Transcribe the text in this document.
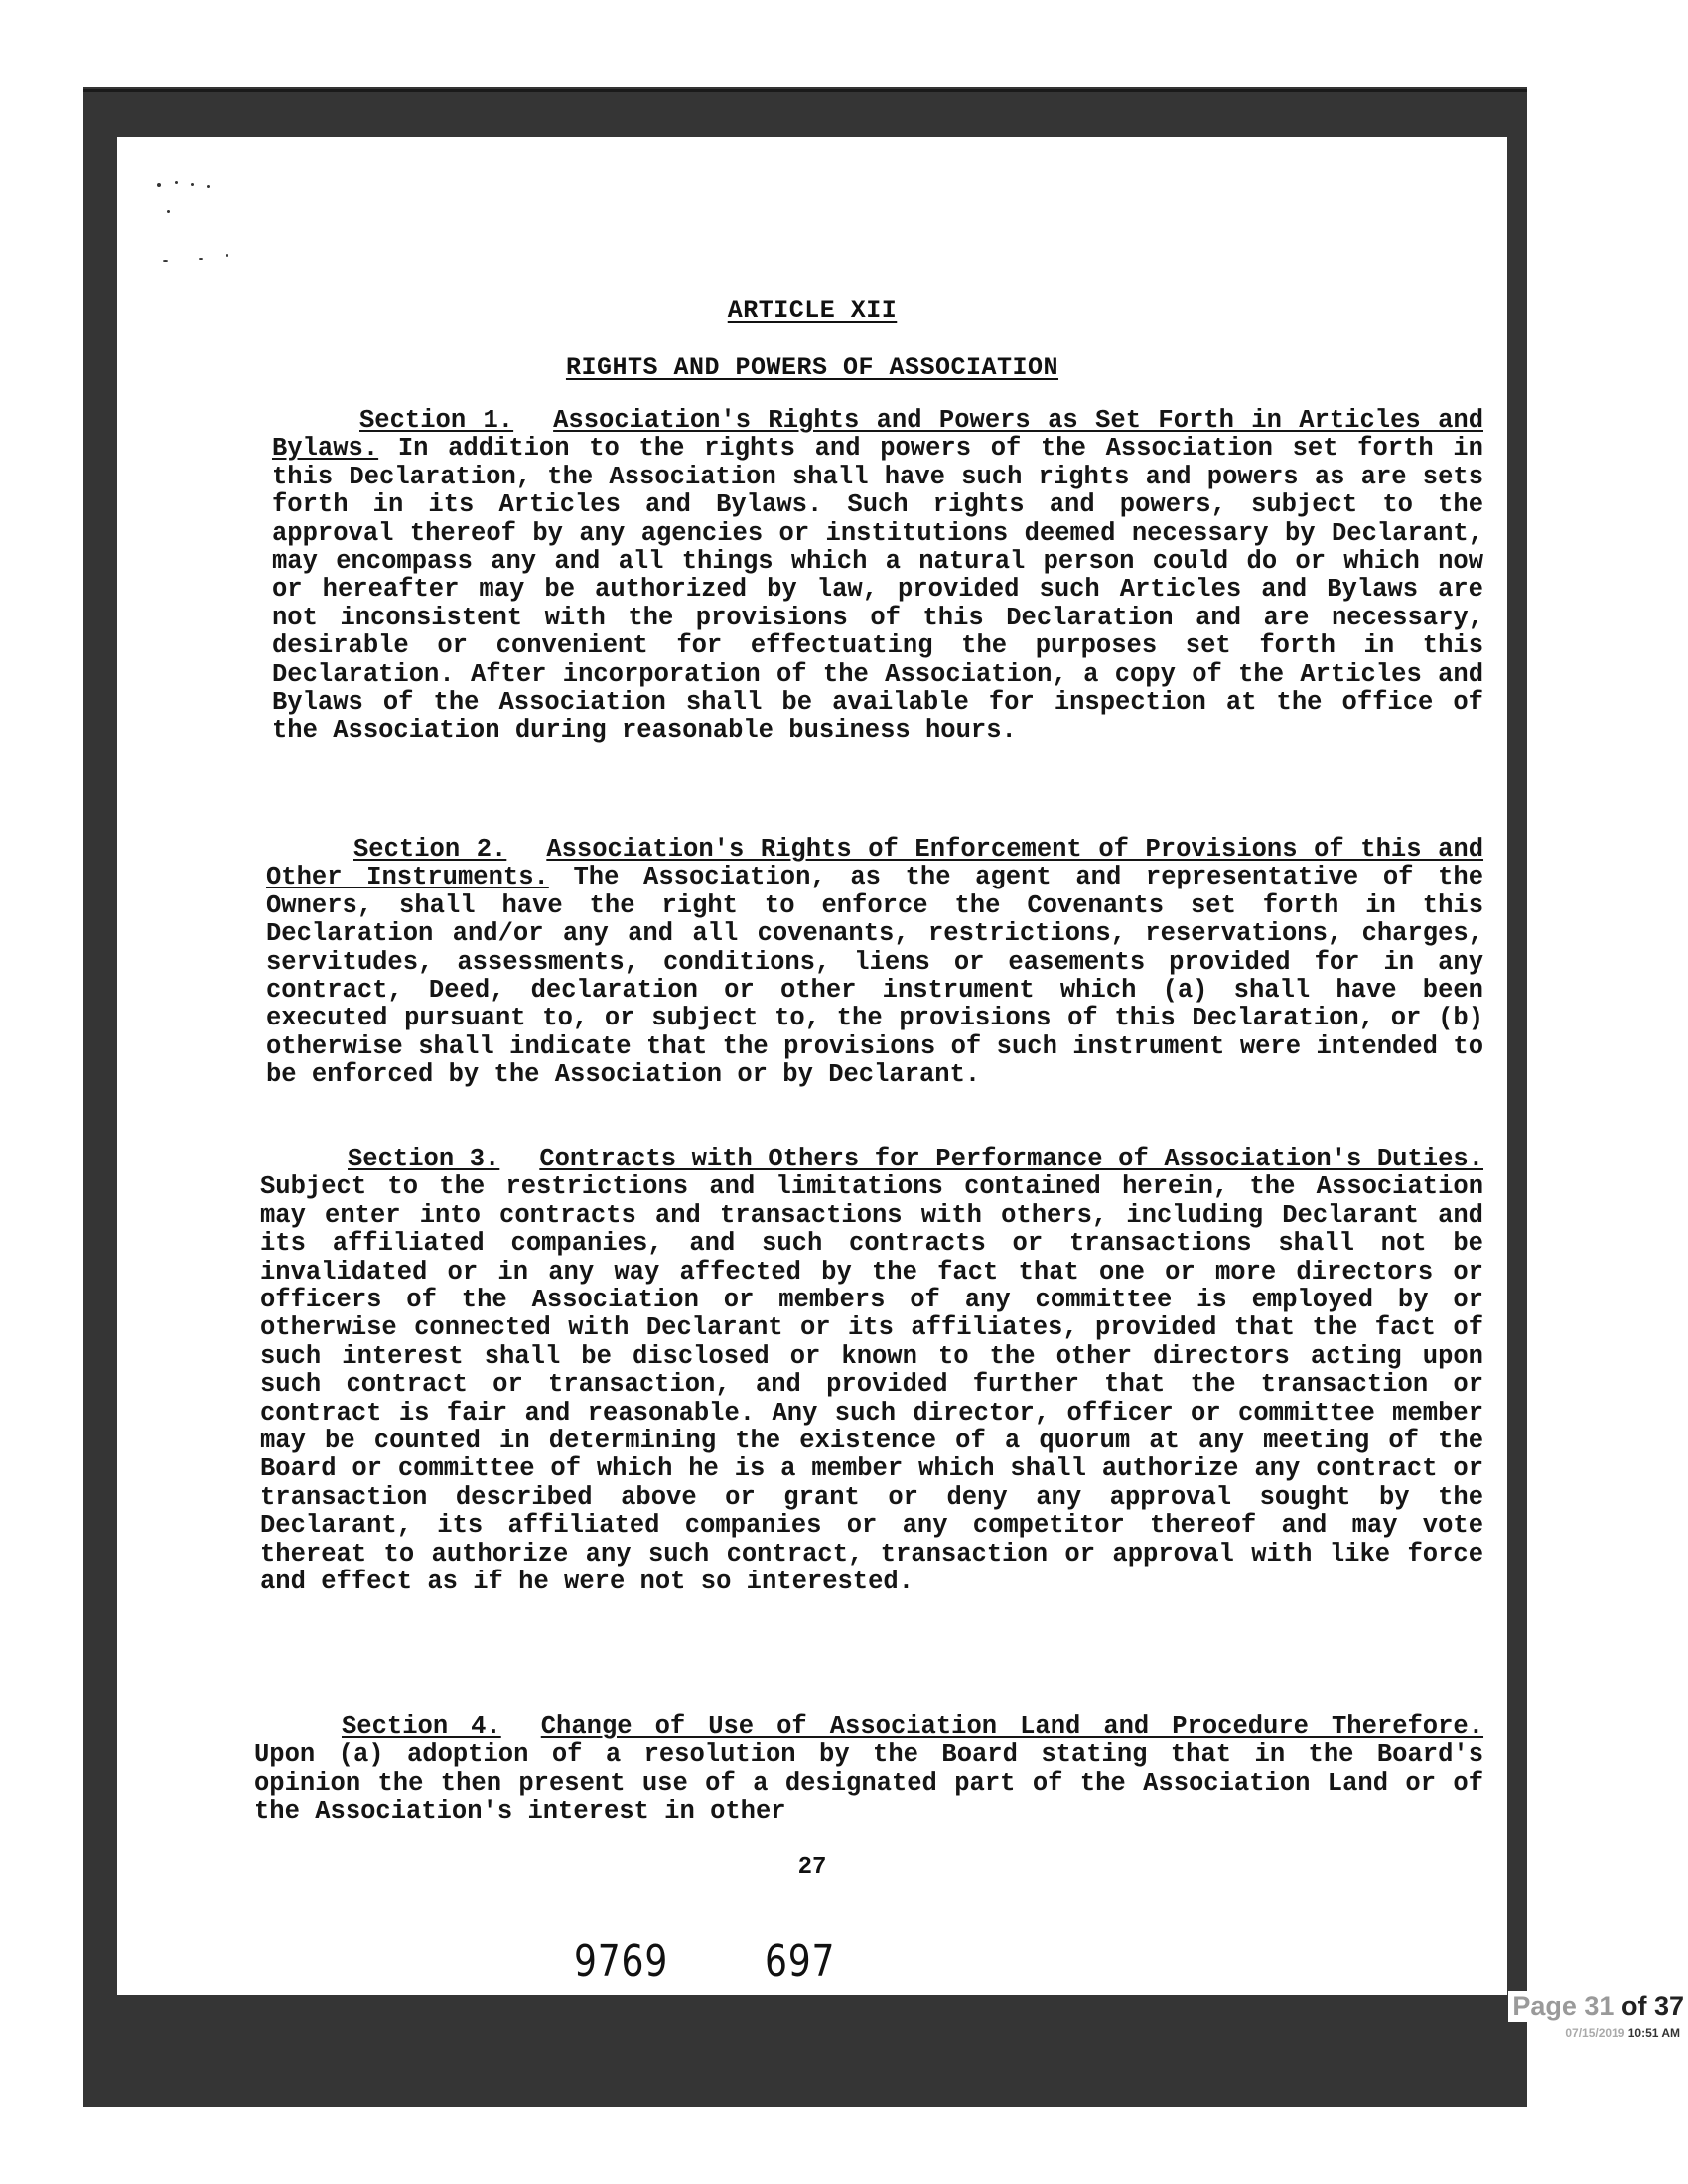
ARTICLE XII
RIGHTS AND POWERS OF ASSOCIATION

Section 1. Association's Rights and Powers as Set Forth in Articles and Bylaws. In addition to the rights and powers of the Association set forth in this Declaration, the Association shall have such rights and powers as are sets forth in its Articles and Bylaws. Such rights and powers, subject to the approval thereof by any agencies or institutions deemed necessary by Declarant, may encompass any and all things which a natural person could do or which now or hereafter may be authorized by law, provided such Articles and Bylaws are not inconsistent with the provisions of this Declaration and are necessary, desirable or convenient for effectuating the purposes set forth in this Declaration. After incorporation of the Association, a copy of the Articles and Bylaws of the Association shall be available for inspection at the office of the Association during reasonable business hours.

Section 2. Association's Rights of Enforcement of Provisions of this and Other Instruments. The Association, as the agent and representative of the Owners, shall have the right to enforce the Covenants set forth in this Declaration and/or any and all covenants, restrictions, reservations, charges, servitudes, assessments, conditions, liens or easements provided for in any contract, Deed, declaration or other instrument which (a) shall have been executed pursuant to, or subject to, the provisions of this Declaration, or (b) otherwise shall indicate that the provisions of such instrument were intended to be enforced by the Association or by Declarant.

Section 3. Contracts with Others for Performance of Association's Duties. Subject to the restrictions and limitations contained herein, the Association may enter into contracts and transactions with others, including Declarant and its affiliated companies, and such contracts or transactions shall not be invalidated or in any way affected by the fact that one or more directors or officers of the Association or members of any committee is employed by or otherwise connected with Declarant or its affiliates, provided that the fact of such interest shall be disclosed or known to the other directors acting upon such contract or transaction, and provided further that the transaction or contract is fair and reasonable. Any such director, officer or committee member may be counted in determining the existence of a quorum at any meeting of the Board or committee of which he is a member which shall authorize any contract or transaction described above or grant or deny any approval sought by the Declarant, its affiliated companies or any competitor thereof and may vote thereat to authorize any such contract, transaction or approval with like force and effect as if he were not so interested.

Section 4. Change of Use of Association Land and Procedure Therefore. Upon (a) adoption of a resolution by the Board stating that in the Board's opinion the then present use of a designated part of the Association Land or of the Association's interest in other

27
9769 697
Page 31 of 37
07/15/2019 10:51 AM
